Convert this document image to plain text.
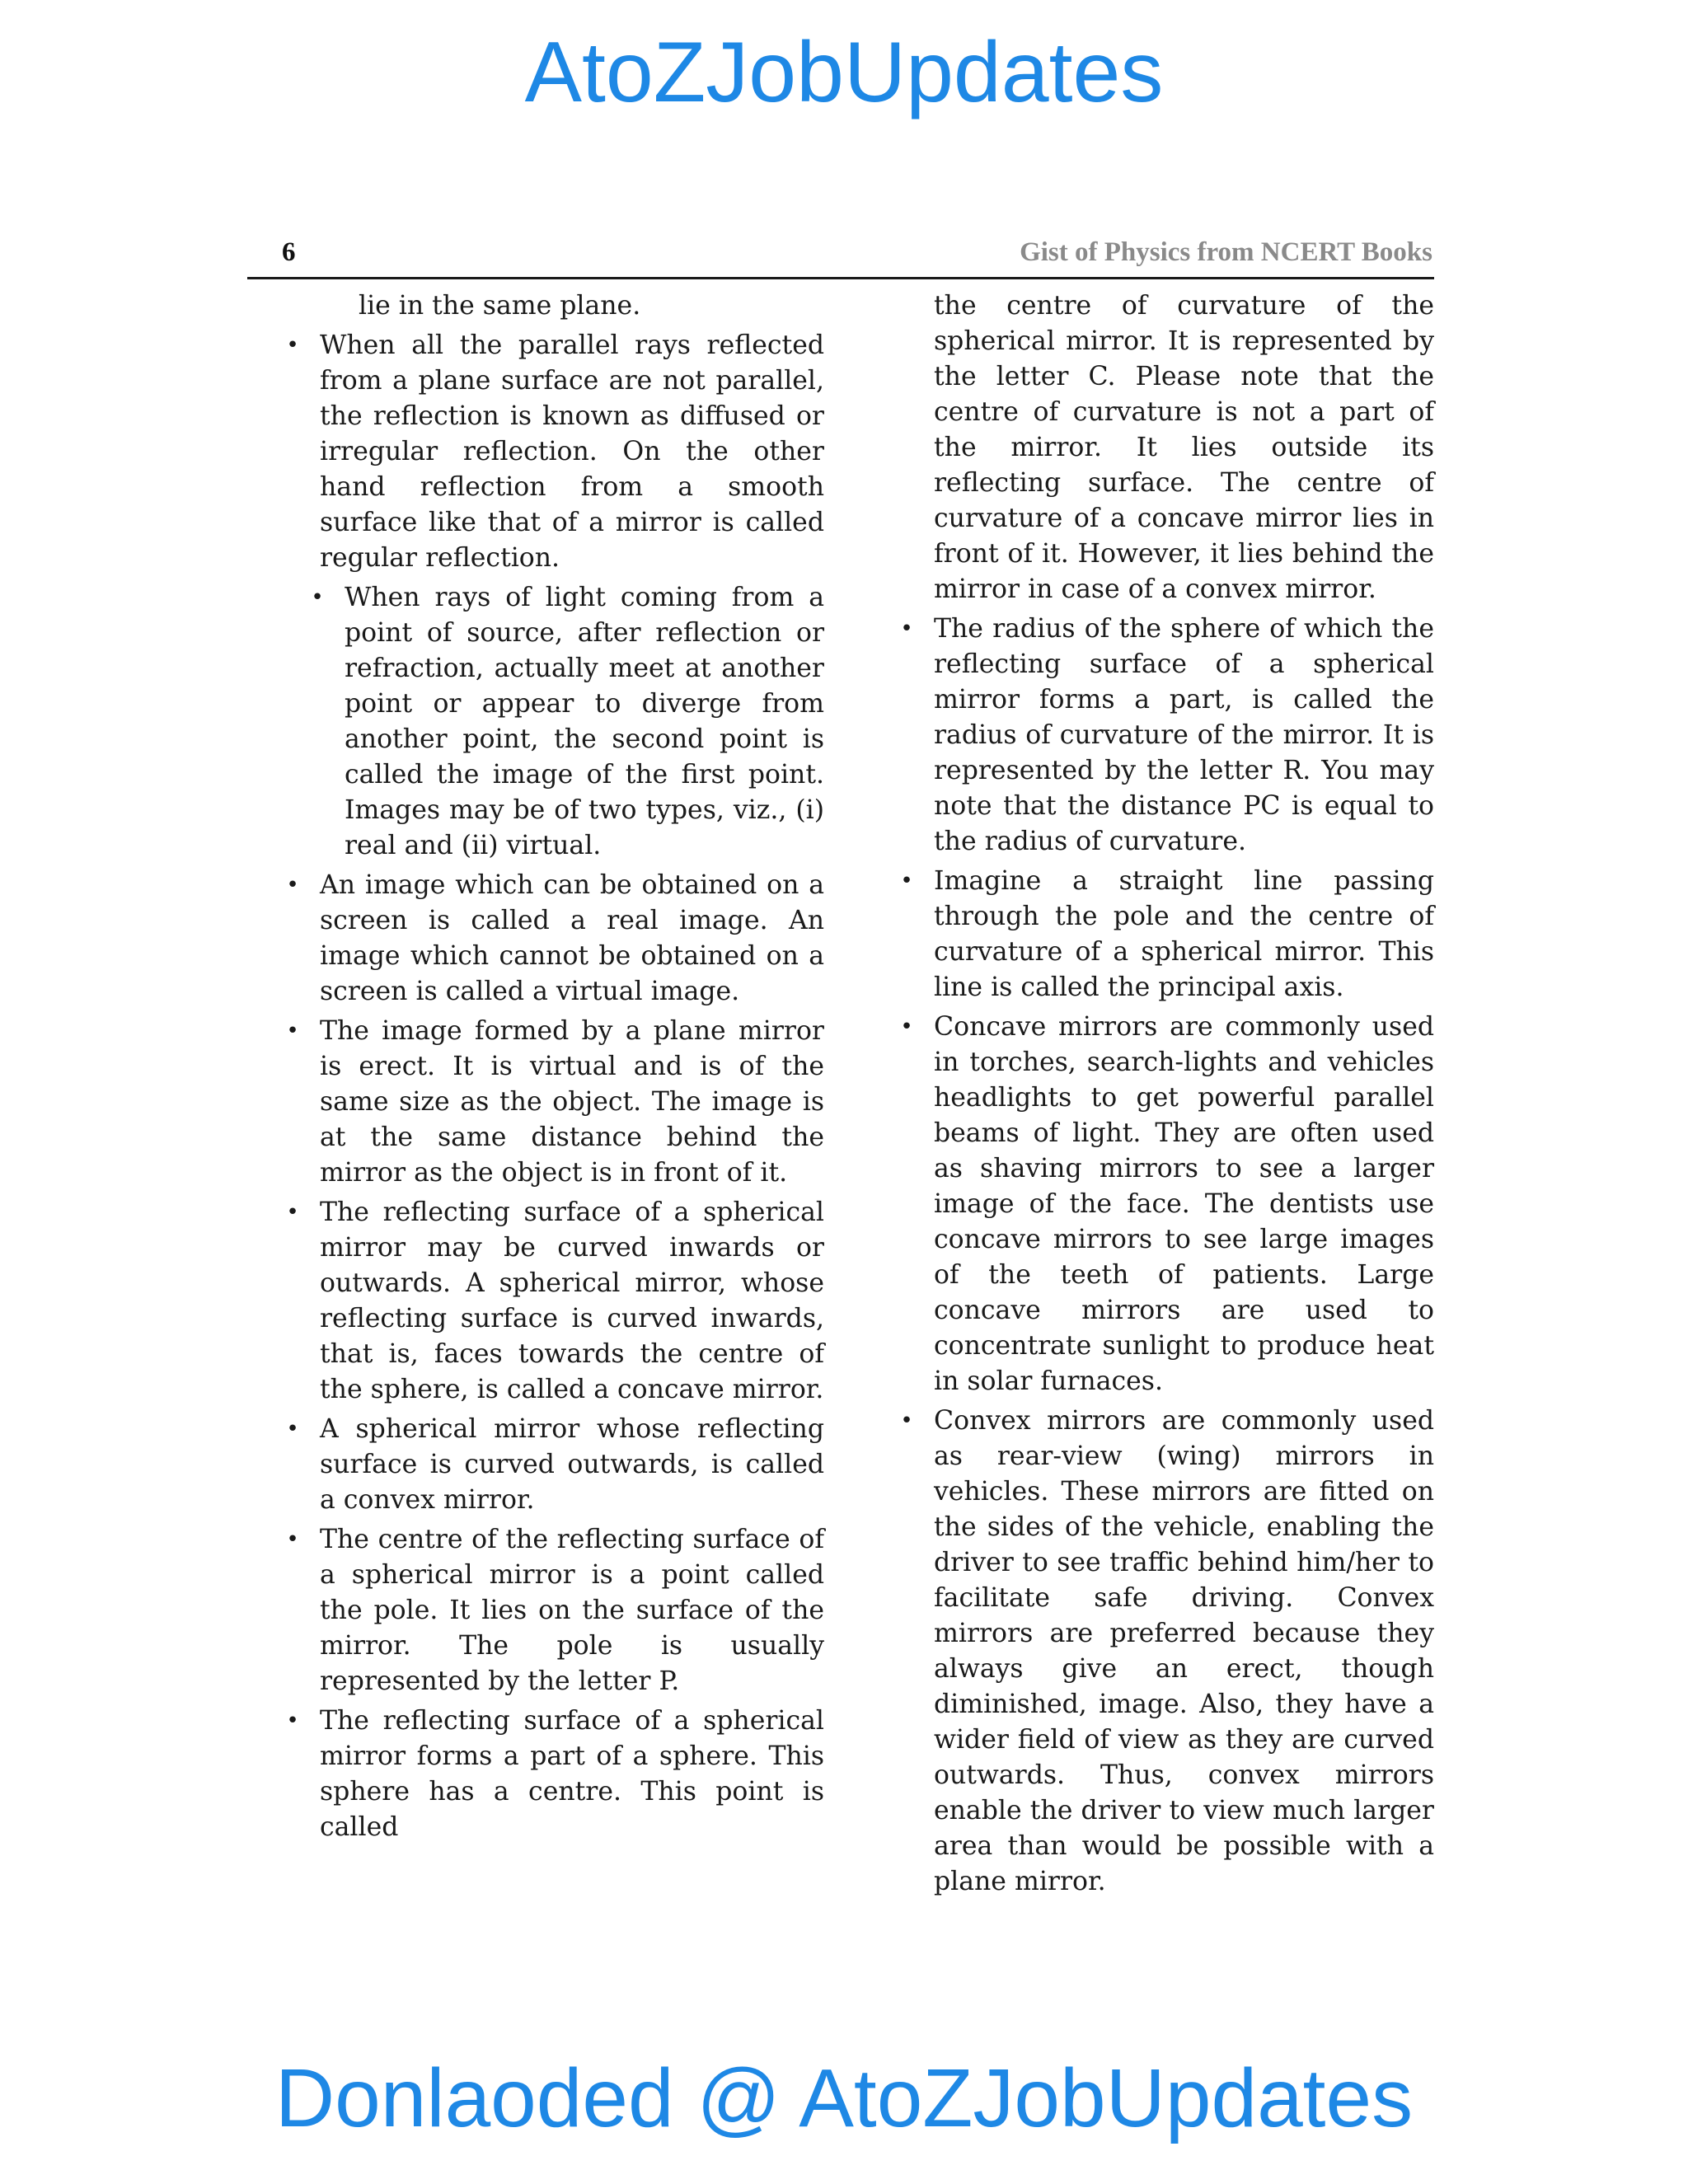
AtoZJobUpdates
6	Gist of Physics from NCERT Books

lie in the same plane.

• When all the parallel rays reflected from a plane surface are not parallel, the reflection is known as diffused or irregular reflection. On the other hand reflection from a smooth surface like that of a mirror is called regular reflection.
• When rays of light coming from a point of source, after reflection or refraction, actually meet at another point or appear to diverge from another point, the second point is called the image of the first point. Images may be of two types, viz., (i) real and (ii) virtual.
• An image which can be obtained on a screen is called a real image. An image which cannot be obtained on a screen is called a virtual image.
• The image formed by a plane mirror is erect. It is virtual and is of the same size as the object. The image is at the same distance behind the mirror as the object is in front of it.
• The reflecting surface of a spherical mirror may be curved inwards or outwards. A spherical mirror, whose reflecting surface is curved inwards, that is, faces towards the centre of the sphere, is called a concave mirror.
• A spherical mirror whose reflecting surface is curved outwards, is called a convex mirror.
• The centre of the reflecting surface of a spherical mirror is a point called the pole. It lies on the surface of the mirror. The pole is usually represented by the letter P.
• The reflecting surface of a spherical mirror forms a part of a sphere. This sphere has a centre. This point is called

the centre of curvature of the spherical mirror. It is represented by the letter C. Please note that the centre of curvature is not a part of the mirror. It lies outside its reflecting surface. The centre of curvature of a concave mirror lies in front of it. However, it lies behind the mirror in case of a convex mirror.

• The radius of the sphere of which the reflecting surface of a spherical mirror forms a part, is called the radius of curvature of the mirror. It is represented by the letter R. You may note that the distance PC is equal to the radius of curvature.
• Imagine a straight line passing through the pole and the centre of curvature of a spherical mirror. This line is called the principal axis.
• Concave mirrors are commonly used in torches, search-lights and vehicles headlights to get powerful parallel beams of light. They are often used as shaving mirrors to see a larger image of the face. The dentists use concave mirrors to see large images of the teeth of patients. Large concave mirrors are used to concentrate sunlight to produce heat in solar furnaces.
• Convex mirrors are commonly used as rear-view (wing) mirrors in vehicles. These mirrors are fitted on the sides of the vehicle, enabling the driver to see traffic behind him/her to facilitate safe driving. Convex mirrors are preferred because they always give an erect, though diminished, image. Also, they have a wider field of view as they are curved outwards. Thus, convex mirrors enable the driver to view much larger area than would be possible with a plane mirror.
Donlaoded @ AtoZJobUpdates
